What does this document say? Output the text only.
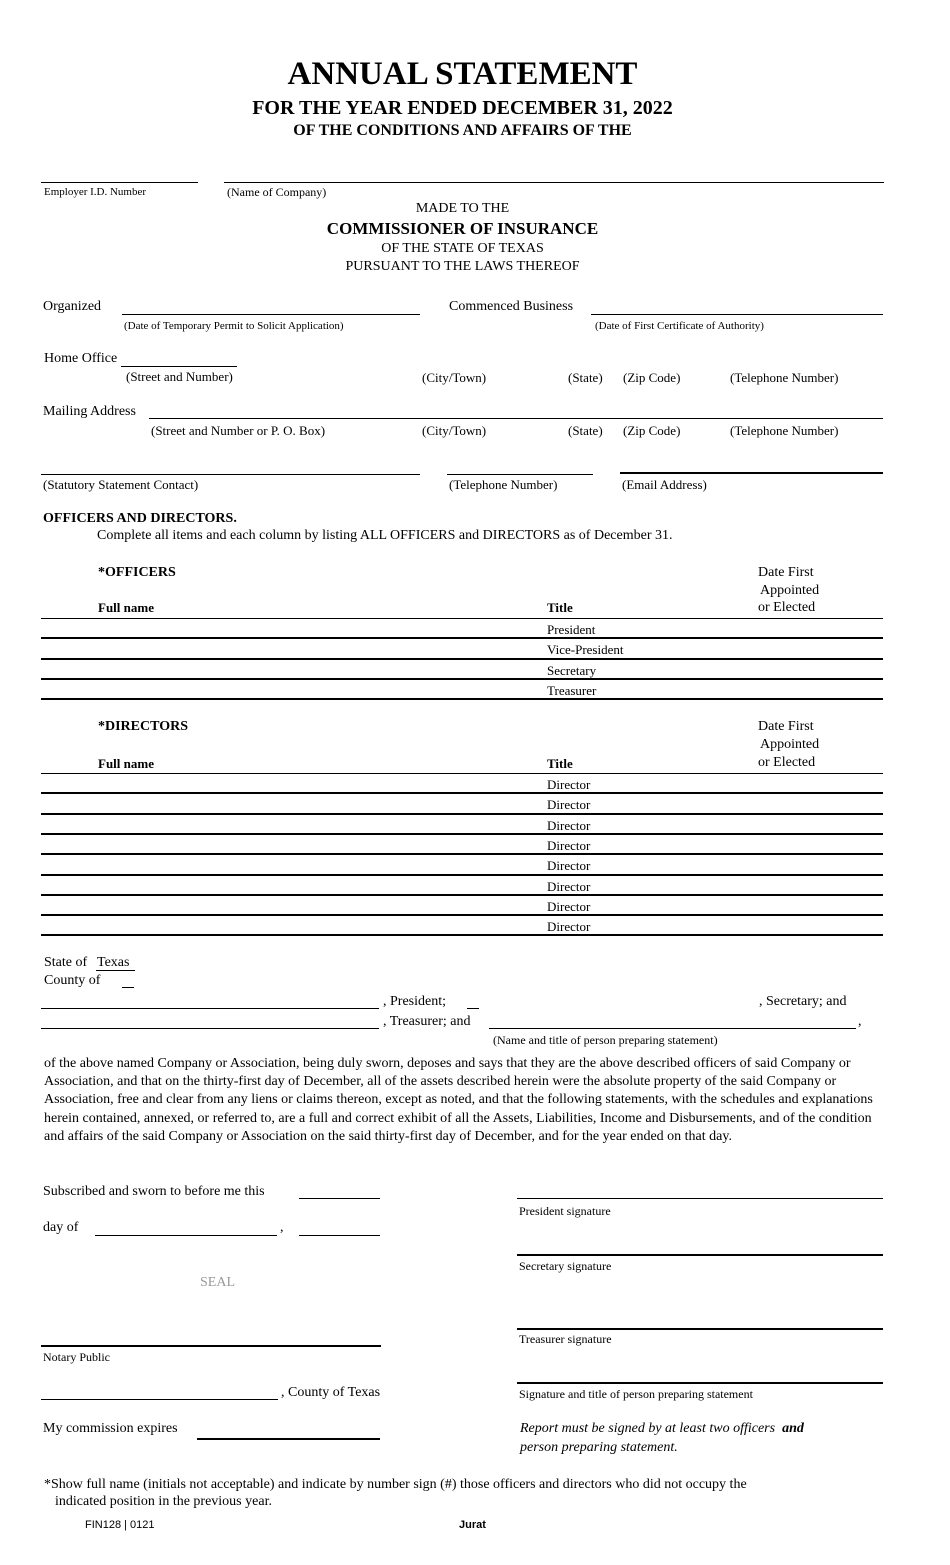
ANNUAL STATEMENT
FOR THE YEAR ENDED DECEMBER 31, 2022
OF THE CONDITIONS AND AFFAIRS OF THE
Employer I.D. Number	(Name of Company)
MADE TO THE
COMMISSIONER OF INSURANCE
OF THE STATE OF TEXAS
PURSUANT TO THE LAWS THEREOF
Organized
(Date of Temporary Permit to Solicit Application)
Commenced Business
(Date of First Certificate of Authority)
Home Office
(Street and Number)	(City/Town)	(State) (Zip Code)	(Telephone Number)
Mailing Address
(Street and Number or P. O. Box)	(City/Town)	(State) (Zip Code)	(Telephone Number)
(Statutory Statement Contact)	(Telephone Number)	(Email Address)
OFFICERS AND DIRECTORS.
Complete all items and each column by listing ALL OFFICERS and DIRECTORS as of December 31.
*OFFICERS	Date First
Appointed
or Elected
Full name	Title
President
Vice-President
Secretary
Treasurer
*DIRECTORS	Date First
Appointed
or Elected
Full name	Title
Director
Director
Director
Director
Director
Director
Director
Director
State of Texas
County of
, President;	, Secretary; and
, Treasurer; and	,
(Name and title of person preparing statement)
of the above named Company or Association, being duly sworn, deposes and says that they are the above described officers of said Company or Association, and that on the thirty-first day of December, all of the assets described herein were the absolute property of the said Company or Association, free and clear from any liens or claims thereon, except as noted, and that the following statements, with the schedules and explanations herein contained, annexed, or referred to, are a full and correct exhibit of all the Assets, Liabilities, Income and Disbursements, and of the condition and affairs of the said Company or Association on the said thirty-first day of December, and for the year ended on that day.
Subscribed and sworn to before me this
day of	,
SEAL
Notary Public
, County of Texas
My commission expires
President signature
Secretary signature
Treasurer signature
Signature and title of person preparing statement
Report must be signed by at least two officers and
person preparing statement.
*Show full name (initials not acceptable) and indicate by number sign (#) those officers and directors who did not occupy the
indicated position in the previous year.
FIN128 | 0121	Jurat
